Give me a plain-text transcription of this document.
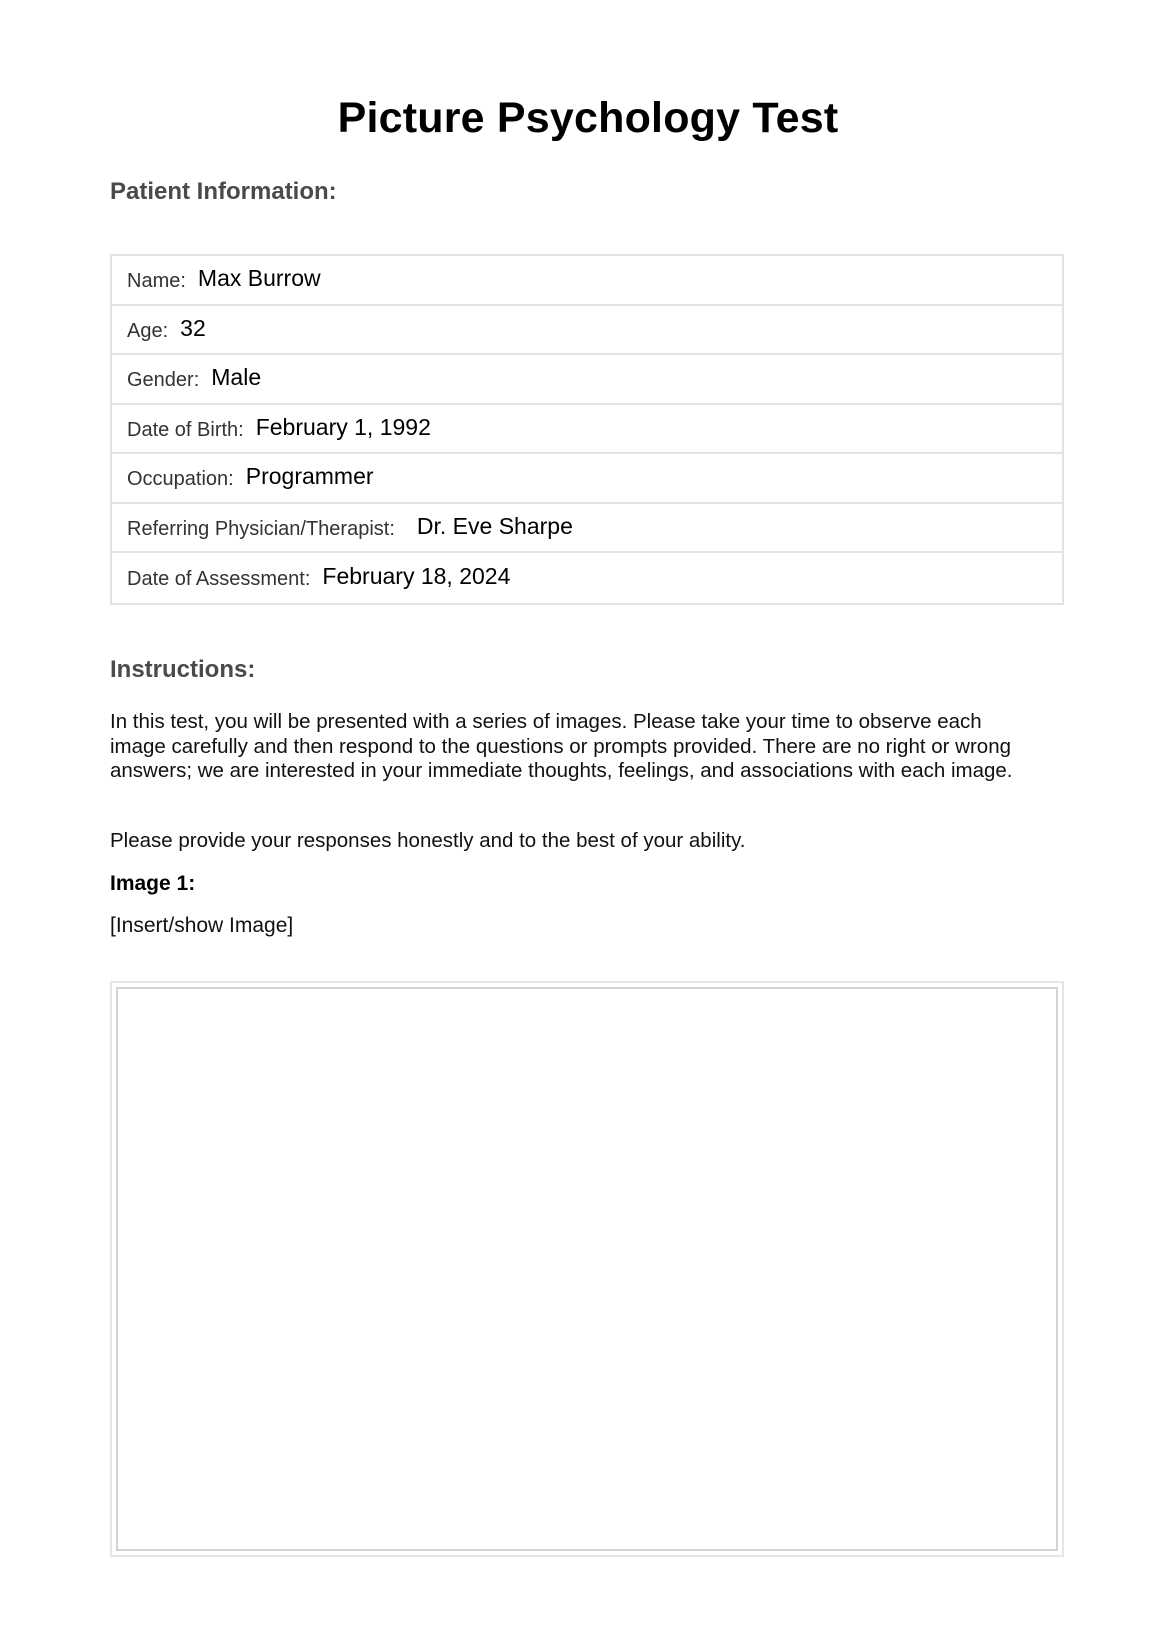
Picture Psychology Test
Patient Information:
Name: Max Burrow
Age: 32
Gender: Male
Date of Birth: February 1, 1992
Occupation: Programmer
Referring Physician/Therapist: Dr. Eve Sharpe
Date of Assessment: February 18, 2024
Instructions:
In this test, you will be presented with a series of images. Please take your time to observe each image carefully and then respond to the questions or prompts provided. There are no right or wrong answers; we are interested in your immediate thoughts, feelings, and associations with each image.
Please provide your responses honestly and to the best of your ability.
Image 1:
[Insert/show Image]
